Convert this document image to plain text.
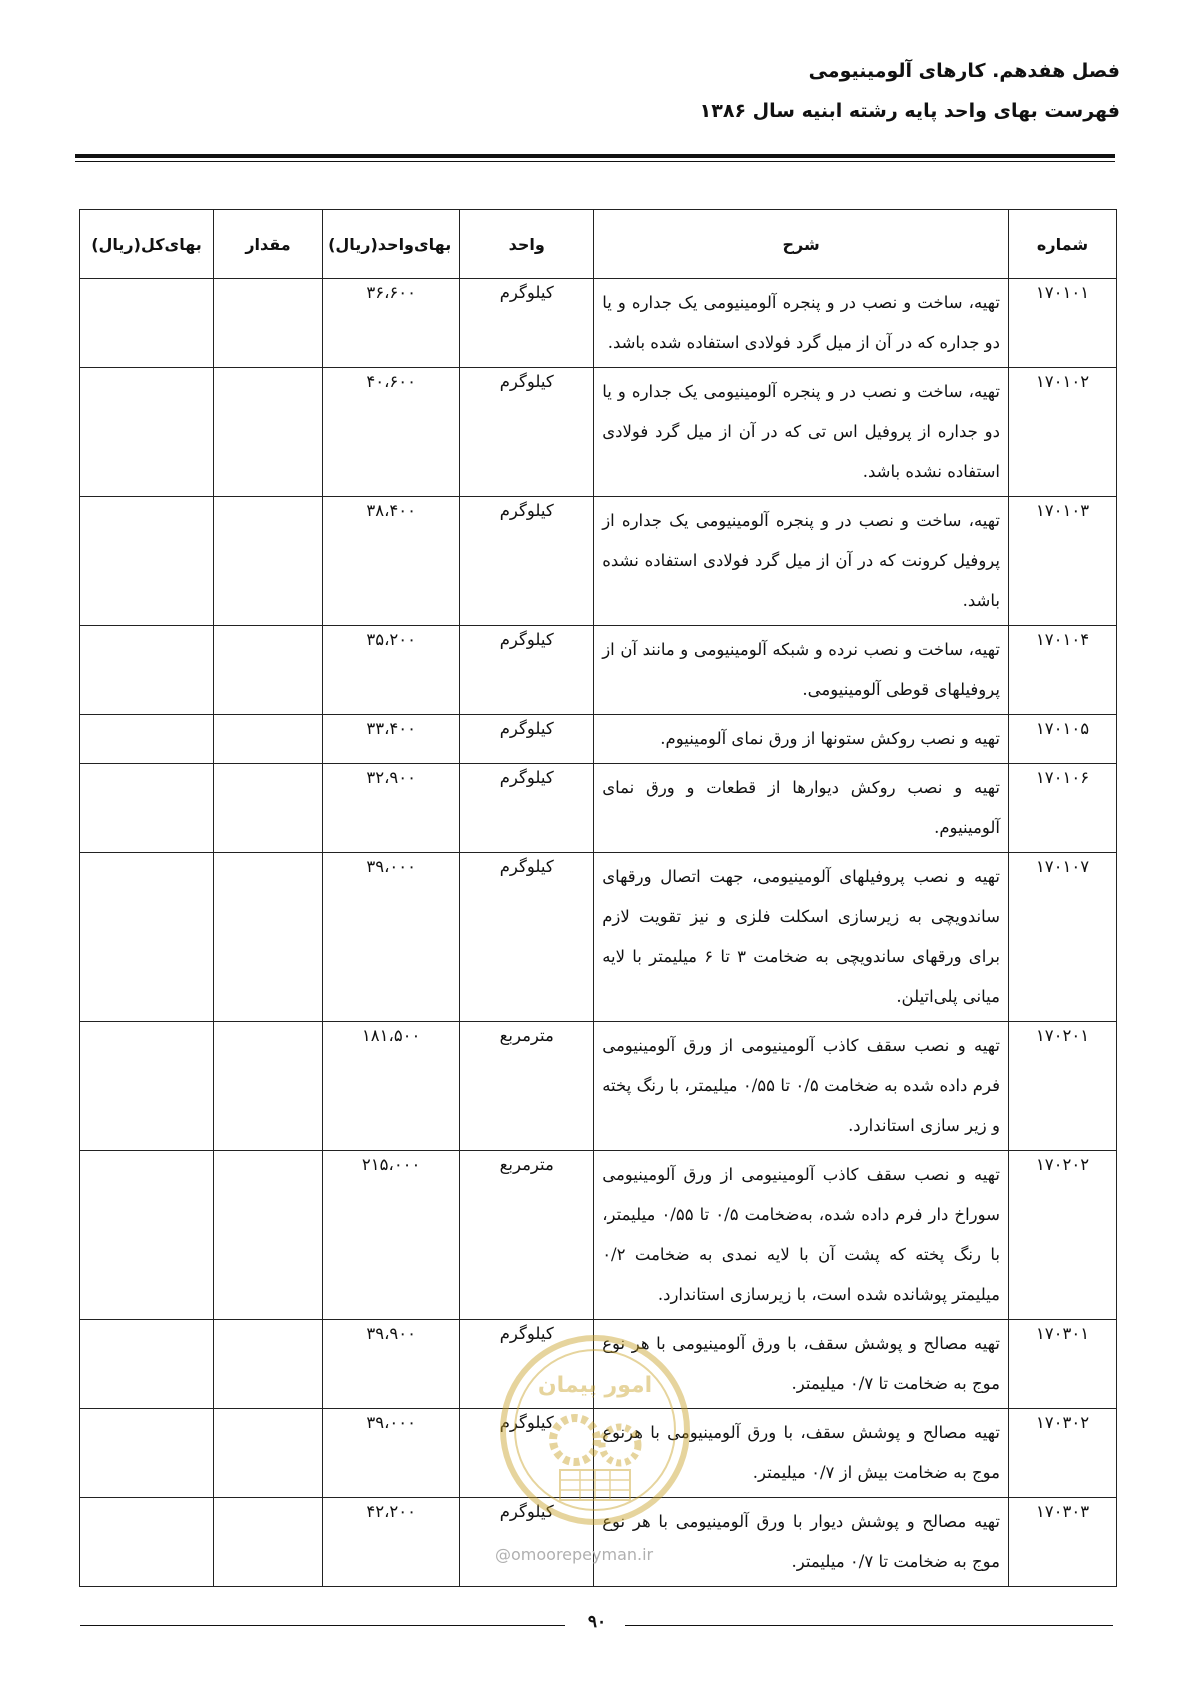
فصل هفدهم. کارهای آلومینیومی
فهرست بهای واحد پایه رشته ابنیه سال ۱۳۸۶
شماره	شرح	واحد	بهای‌واحد(ریال)	مقدار	بهای‌کل(ریال)
۱۷۰۱۰۱	تهیه، ساخت و نصب در و پنجره آلومینیومی یک جداره و یا دو جداره که در آن از میل گرد فولادی استفاده شده باشد.	کیلوگرم	۳۶،۶۰۰		
۱۷۰۱۰۲	تهیه، ساخت و نصب در و پنجره آلومینیومی یک جداره و یا دو جداره از پروفیل اس تی که در آن از میل گرد فولادی استفاده نشده باشد.	کیلوگرم	۴۰،۶۰۰		
۱۷۰۱۰۳	تهیه، ساخت و نصب در و پنجره آلومینیومی یک جداره از پروفیل کرونت که در آن از میل گرد فولادی استفاده نشده باشد.	کیلوگرم	۳۸،۴۰۰		
۱۷۰۱۰۴	تهیه، ساخت و نصب نرده و شبکه آلومینیومی و مانند آن از پروفیلهای قوطی آلومینیومی.	کیلوگرم	۳۵،۲۰۰		
۱۷۰۱۰۵	تهیه و نصب روکش ستونها از ورق نمای آلومینیوم.	کیلوگرم	۳۳،۴۰۰		
۱۷۰۱۰۶	تهیه و نصب روکش دیوارها از قطعات و ورق نمای آلومینیوم.	کیلوگرم	۳۲،۹۰۰		
۱۷۰۱۰۷	تهیه و نصب پروفیلهای آلومینیومی، جهت اتصال ورقهای ساندویچی به زیرسازی اسکلت فلزی و نیز تقویت لازم برای ورقهای ساندویچی به ضخامت ۳ تا ۶ میلیمتر با لایه میانی پلی‌اتیلن.	کیلوگرم	۳۹،۰۰۰		
۱۷۰۲۰۱	تهیه و نصب سقف کاذب آلومینیومی از ورق آلومینیومی فرم داده شده به ضخامت ۰/۵ تا ۰/۵۵ میلیمتر، با رنگ پخته و زیر سازی استاندارد.	مترمربع	۱۸۱،۵۰۰		
۱۷۰۲۰۲	تهیه و نصب سقف کاذب آلومینیومی از ورق آلومینیومی سوراخ دار فرم داده شده، به‌ضخامت ۰/۵ تا ۰/۵۵ میلیمتر، با رنگ پخته که پشت آن با لایه نمدی به ضخامت ۰/۲ میلیمتر پوشانده شده است، با زیرسازی استاندارد.	مترمربع	۲۱۵،۰۰۰		
۱۷۰۳۰۱	تهیه مصالح و پوشش سقف، با ورق آلومینیومی با هر نوع موج به ضخامت تا ۰/۷ میلیمتر.	کیلوگرم	۳۹،۹۰۰		
۱۷۰۳۰۲	تهیه مصالح و پوشش سقف، با ورق آلومینیومی با هرنوع موج به ضخامت بیش از ۰/۷ میلیمتر.	کیلوگرم	۳۹،۰۰۰		
۱۷۰۳۰۳	تهیه مصالح و پوشش دیوار با ورق آلومینیومی با هر نوع موج به ضخامت تا ۰/۷ میلیمتر.	کیلوگرم	۴۲،۲۰۰		
امور پیمان
@omoorepeyman.ir
۹۰
